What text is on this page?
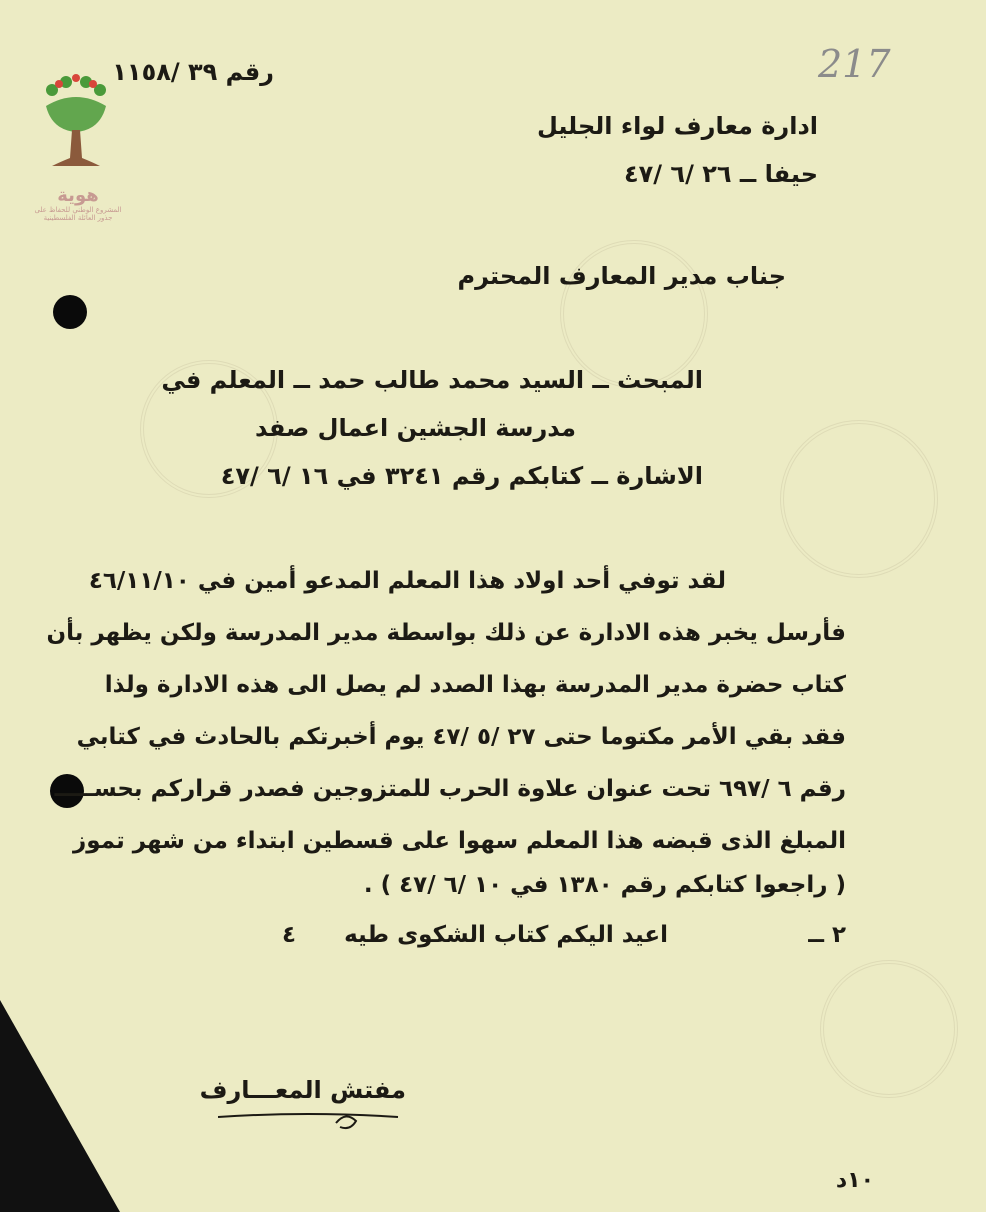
هوية
المشروع الوطني للحفاظ على جذور العائلة الفلسطينية
217
رقم ٣٩ /١١٥٨
ادارة معارف لواء الجليل
حيفا ــ ٢٦ /٦ /٤٧
جناب مدير المعارف المحترم
المبحث ــ السيد محمد طالب حمد ــ المعلم في
مدرسة الجشين اعمال صفد
الاشارة ــ كتابكم رقم ٣٢٤١ في ١٦ /٦ /٤٧
لقد توفي أحد اولاد هذا المعلم المدعو أمين في ٤٦/١١/١٠
فأرسل يخبر هذه الادارة عن ذلك بواسطة مدير المدرسة ولكن يظهر بأن
كتاب حضرة مدير المدرسة بهذا الصدد لم يصل الى هذه الادارة ولذا
فقد بقي الأمر مكتوما حتى ٢٧ /٥ /٤٧ يوم أخبرتكم بالحادث في كتابي
رقم ٦ /٦٩٧ تحت عنوان علاوة الحرب للمتزوجين فصدر قراركم بحســـــ
المبلغ الذى قبضه هذا المعلم سهوا على قسطين ابتداء من شهر تموز
( راجعوا كتابكم رقم ١٣٨٠ في ١٠ /٦ /٤٧ ) .
٢ ــ
اعيد اليكم كتاب الشكوى طيه
٤
مفتش المعـــارف
١٠د
